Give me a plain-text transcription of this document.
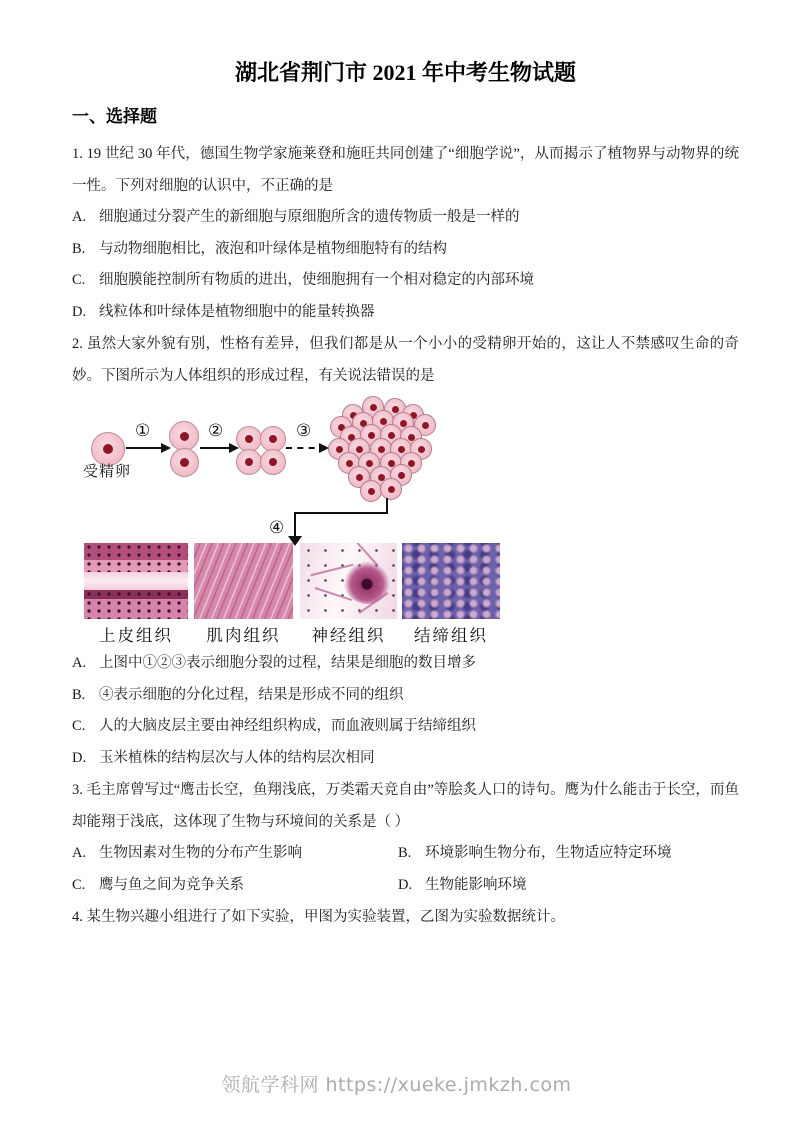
湖北省荆门市 2021 年中考生物试题
一、选择题

1. 19 世纪 30 年代，德国生物学家施莱登和施旺共同创建了“细胞学说”，从而揭示了植物界与动物界的统一性。下列对细胞的认识中，不正确的是

A. 细胞通过分裂产生的新细胞与原细胞所含的遗传物质一般是一样的
B. 与动物细胞相比，液泡和叶绿体是植物细胞特有的结构
C. 细胞膜能控制所有物质的进出，使细胞拥有一个相对稳定的内部环境
D. 线粒体和叶绿体是植物细胞中的能量转换器

2. 虽然大家外貌有别，性格有差异，但我们都是从一个小小的受精卵开始的，这让人不禁感叹生命的奇妙。下图所示为人体组织的形成过程，有关说法错误的是

受精卵
①	②	③
④
上皮组织	肌肉组织	神经组织	结缔组织
A. 上图中①②③表示细胞分裂的过程，结果是细胞的数目增多
B. ④表示细胞的分化过程，结果是形成不同的组织
C. 人的大脑皮层主要由神经组织构成，而血液则属于结缔组织
D. 玉米植株的结构层次与人体的结构层次相同

3. 毛主席曾写过“鹰击长空，鱼翔浅底，万类霜天竞自由”等脍炙人口的诗句。鹰为什么能击于长空，而鱼却能翔于浅底，这体现了生物与环境间的关系是（ ）

A. 生物因素对生物的分布产生影响	B. 环境影响生物分布，生物适应特定环境
C. 鹰与鱼之间为竞争关系	D. 生物能影响环境

4. 某生物兴趣小组进行了如下实验，甲图为实验装置，乙图为实验数据统计。

领航学科网 https://xueke.jmkzh.com
